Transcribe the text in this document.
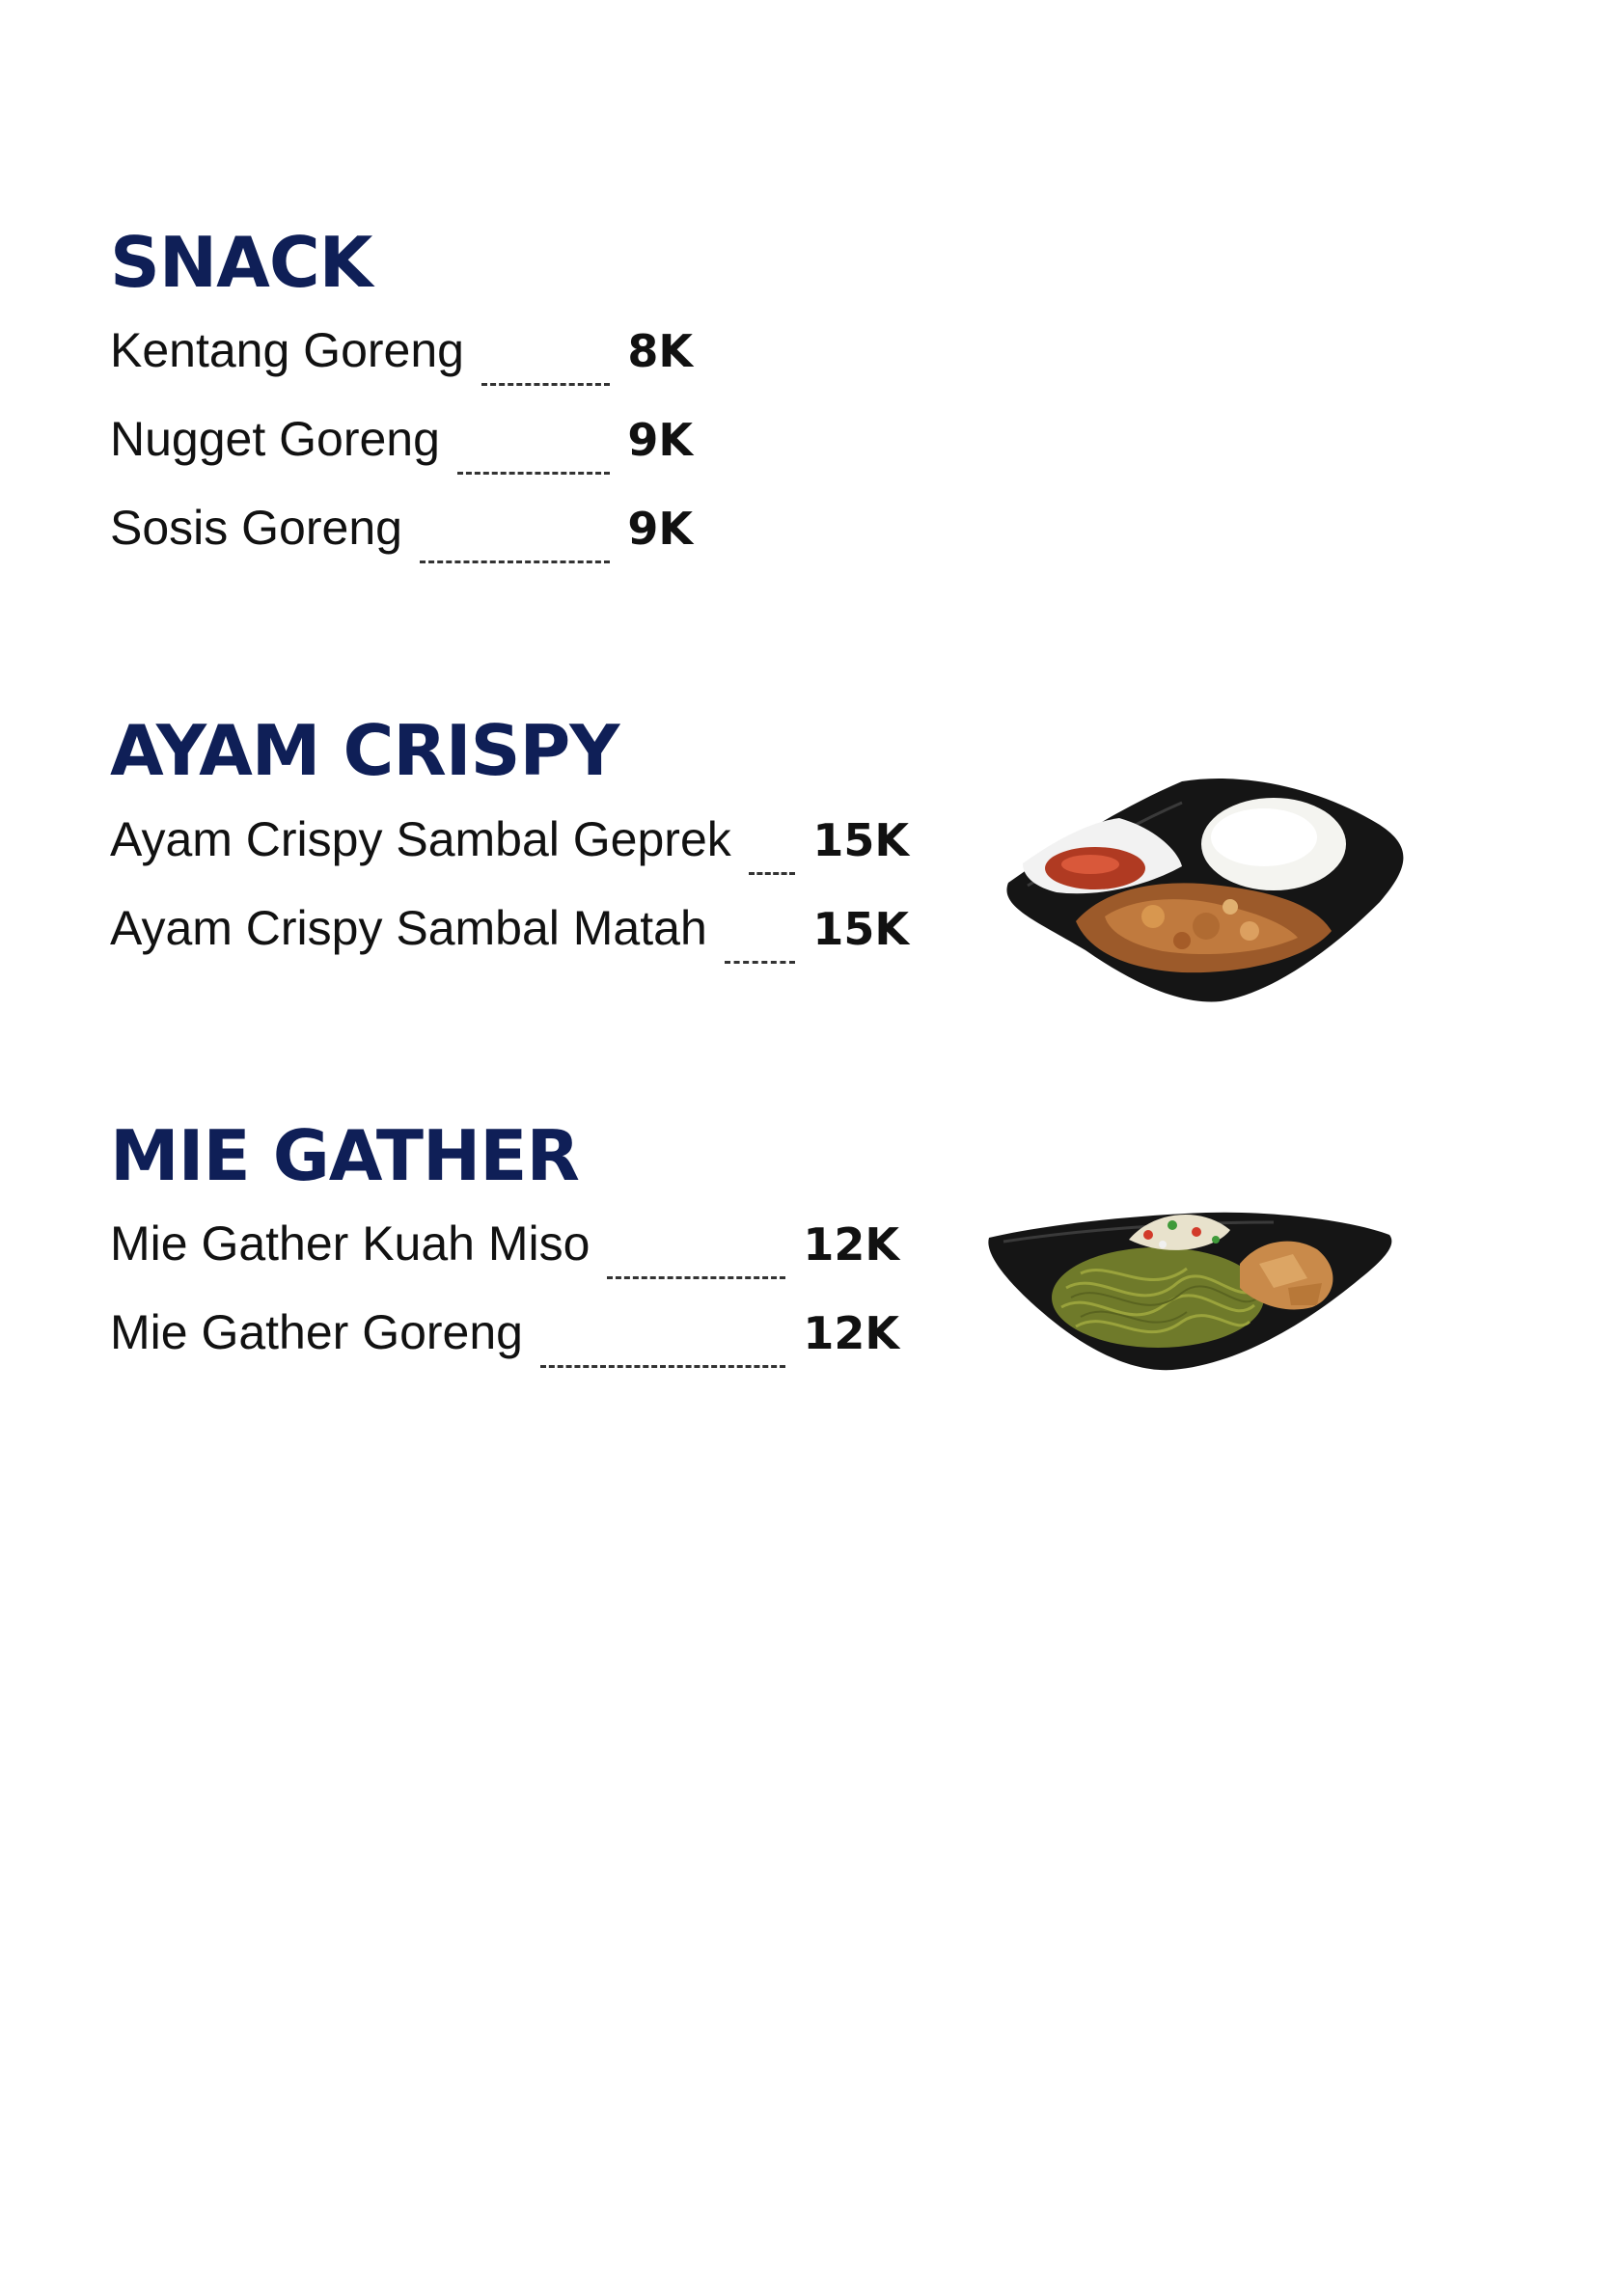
SNACK
Kentang Goreng	8K
Nugget Goreng	9K
Sosis Goreng	9K
AYAM CRISPY
Ayam Crispy Sambal Geprek 15K
Ayam Crispy Sambal Matah 15K
MIE GATHER
Mie Gather Kuah Miso	12K
Mie Gather Goreng	12K
